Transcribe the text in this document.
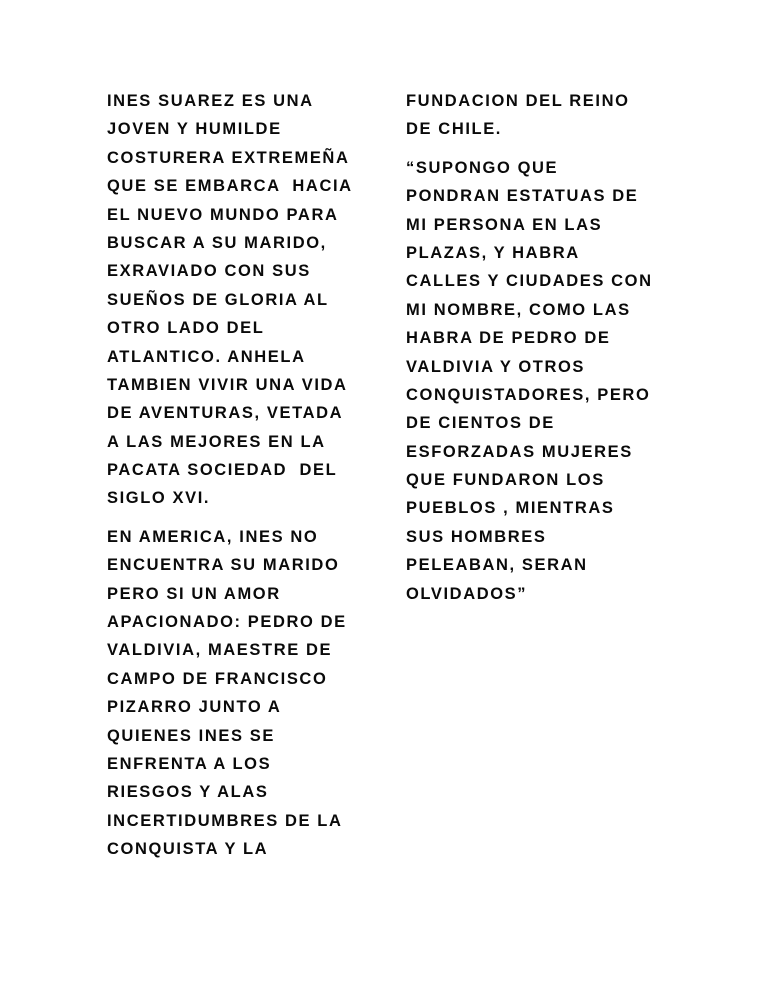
INES SUAREZ ES UNA
JOVEN Y HUMILDE
COSTURERA EXTREMEÑA
QUE SE EMBARCA  HACIA
EL NUEVO MUNDO PARA
BUSCAR A SU MARIDO,
EXRAVIADO CON SUS
SUEÑOS DE GLORIA AL
OTRO LADO DEL
ATLANTICO. ANHELA
TAMBIEN VIVIR UNA VIDA
DE AVENTURAS, VETADA
A LAS MEJORES EN LA
PACATA SOCIEDAD  DEL
SIGLO XVI.

EN AMERICA, INES NO
ENCUENTRA SU MARIDO
PERO SI UN AMOR
APACIONADO: PEDRO DE
VALDIVIA, MAESTRE DE
CAMPO DE FRANCISCO
PIZARRO JUNTO A
QUIENES INES SE
ENFRENTA A LOS
RIESGOS Y ALAS
INCERTIDUMBRES DE LA
CONQUISTA Y LA

FUNDACION DEL REINO
DE CHILE.

“SUPONGO QUE
PONDRAN ESTATUAS DE
MI PERSONA EN LAS
PLAZAS, Y HABRA
CALLES Y CIUDADES CON
MI NOMBRE, COMO LAS
HABRA DE PEDRO DE
VALDIVIA Y OTROS
CONQUISTADORES, PERO
DE CIENTOS DE
ESFORZADAS MUJERES
QUE FUNDARON LOS
PUEBLOS , MIENTRAS
SUS HOMBRES
PELEABAN, SERAN
OLVIDADOS”
